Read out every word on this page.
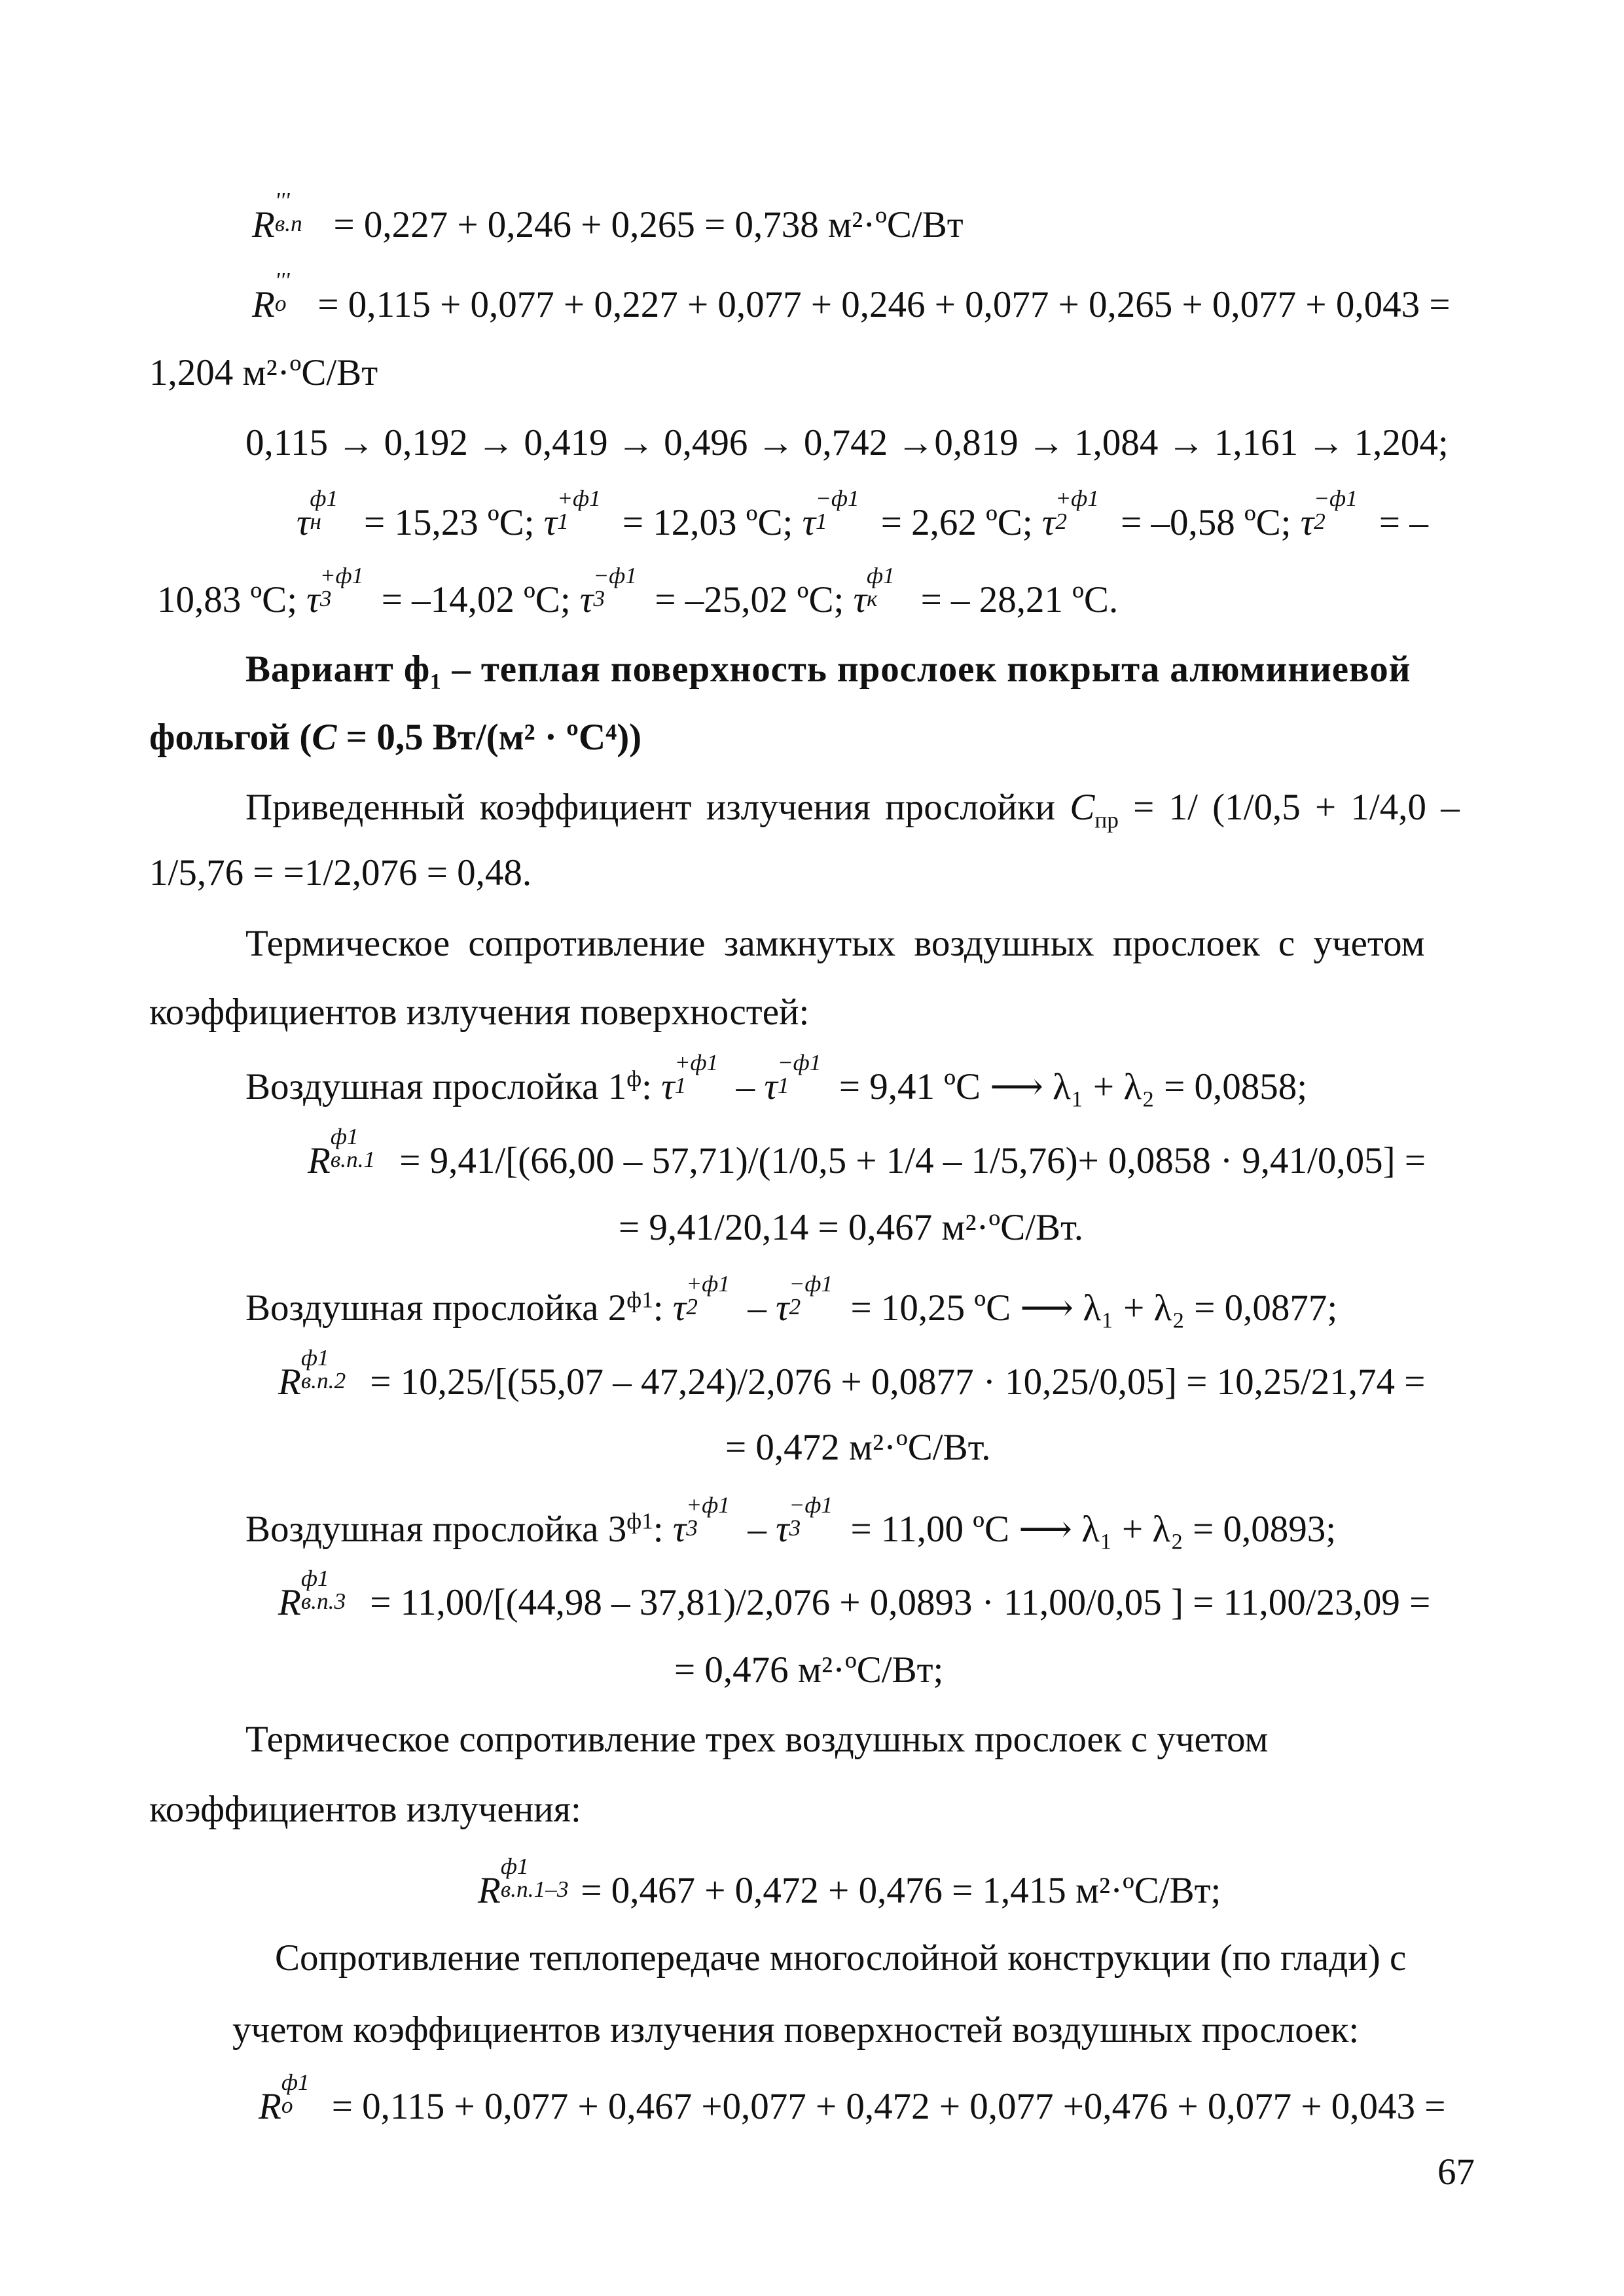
R
'''
в.п = 0,227 + 0,246 + 0,265 = 0,738 м²·ºС/Вт
R
'''
о = 0,115 + 0,077 + 0,227 + 0,077 + 0,246 + 0,077 + 0,265 + 0,077 + 0,043 =
1,204 м²·ºС/Вт
0,115 → 0,192 → 0,419 → 0,496 → 0,742 →0,819 → 1,084 → 1,161 → 1,204;
τ
ф1
н = 15,23 ºС; τ
+ф1
1 = 12,03 ºС; τ
−ф1
1 = 2,62 ºС; τ
+ф1
2 = –0,58 ºС; τ
−ф1
2 = –
10,83 ºС; τ
+ф1
3 = –14,02 ºС; τ
−ф1
3 = –25,02 ºС; τ
ф1
к = – 28,21 ºС.
Вариант ф₁ – теплая поверхность прослоек покрыта алюминиевой
фольгой (С = 0,5 Вт/(м² · ºС⁴))
Приведенный коэффициент излучения прослойки $С_{пр} = 1/$ (1/0,5 + 1/4,0 –
1/5,76 = =1/2,076 = 0,48.
Термическое сопротивление замкнутых воздушных прослоек с учетом
коэффициентов излучения поверхностей:
Воздушная прослойка $1^ф$: τ
+ф1
1 – τ
−ф1
1 = 9,41 ºС ⟶ λ₁ + λ₂ = 0,0858;
R
ф1
в.п.1 = 9,41/[(66,00 – 57,71)/(1/0,5 + 1/4 – 1/5,76)+ 0,0858 · 9,41/0,05] =
= 9,41/20,14 = 0,467 м²·ºС/Вт.
Воздушная прослойка $2^{ф1}$: τ
+ф1
2 – τ
−ф1
2 = 10,25 ºС ⟶ λ₁ + λ₂ = 0,0877;
R
ф1
в.п.2 = 10,25/[(55,07 – 47,24)/2,076 + 0,0877 · 10,25/0,05] = 10,25/21,74 =
= 0,472 м²·ºС/Вт.
Воздушная прослойка $3^{ф1}$: τ
+ф1
3 – τ
−ф1
3 = 11,00 ºС ⟶ λ₁ + λ₂ = 0,0893;
R
ф1
в.п.3 = 11,00/[(44,98 – 37,81)/2,076 + 0,0893 · 11,00/0,05 ] = 11,00/23,09 =
= 0,476 м²·ºС/Вт;
Термическое сопротивление трех воздушных прослоек с учетом
коэффициентов излучения:
R
ф1
в.п.1–3 = 0,467 + 0,472 + 0,476 = 1,415 м²·ºС/Вт;
Сопротивление теплопередаче многослойной конструкции (по глади) с
учетом коэффициентов излучения поверхностей воздушных прослоек:
R
ф1
о = 0,115 + 0,077 + 0,467 +0,077 + 0,472 + 0,077 +0,476 + 0,077 + 0,043 =
67
